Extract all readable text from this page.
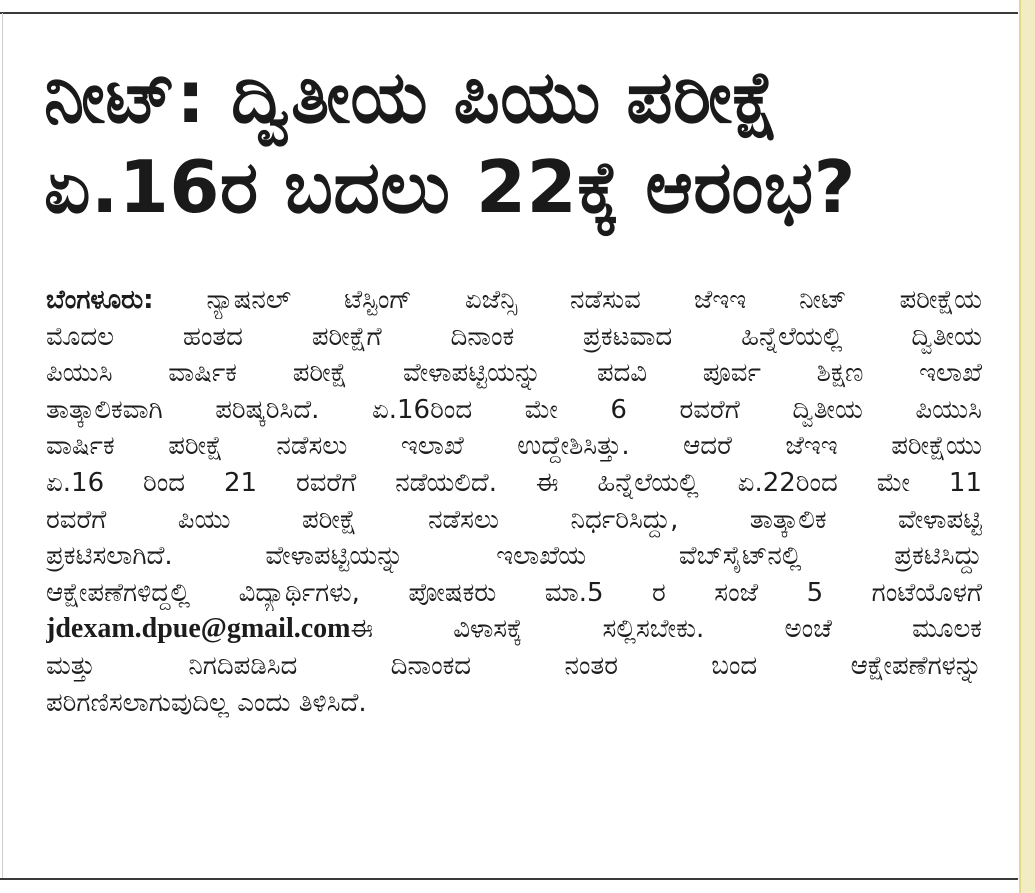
ನೀಟ್: ದ್ವಿತೀಯ ಪಿಯು ಪರೀಕ್ಷೆ
ಏ.16ರ ಬದಲು 22ಕ್ಕೆ ಆರಂಭ?
ಬೆಂಗಳೂರು: ನ್ಯಾಷನಲ್ ಟೆಸ್ಟಿಂಗ್ ಏಜೆನ್ಸಿ ನಡೆಸುವ ಜೆಇಇ ನೀಟ್ ಪರೀಕ್ಷೆಯ
ಮೊದಲ ಹಂತದ ಪರೀಕ್ಷೆಗೆ ದಿನಾಂಕ ಪ್ರಕಟವಾದ ಹಿನ್ನೆಲೆಯಲ್ಲಿ ದ್ವಿತೀಯ
ಪಿಯುಸಿ ವಾರ್ಷಿಕ ಪರೀಕ್ಷೆ ವೇಳಾಪಟ್ಟಿಯನ್ನು ಪದವಿ ಪೂರ್ವ ಶಿಕ್ಷಣ ಇಲಾಖೆ
ತಾತ್ಕಾಲಿಕವಾಗಿ ಪರಿಷ್ಕರಿಸಿದೆ. ಏ.16ರಿಂದ ಮೇ 6 ರವರೆಗೆ ದ್ವಿತೀಯ ಪಿಯುಸಿ
ವಾರ್ಷಿಕ ಪರೀಕ್ಷೆ ನಡೆಸಲು ಇಲಾಖೆ ಉದ್ದೇಶಿಸಿತ್ತು. ಆದರೆ ಜೆಇಇ ಪರೀಕ್ಷೆಯು
ಏ.16 ರಿಂದ 21 ರವರೆಗೆ ನಡೆಯಲಿದೆ. ಈ ಹಿನ್ನೆಲೆಯಲ್ಲಿ ಏ.22ರಿಂದ ಮೇ 11
ರವರೆಗೆ ಪಿಯು ಪರೀಕ್ಷೆ ನಡೆಸಲು ನಿರ್ಧರಿಸಿದ್ದು, ತಾತ್ಕಾಲಿಕ ವೇಳಾಪಟ್ಟಿ
ಪ್ರಕಟಿಸಲಾಗಿದೆ. ವೇಳಾಪಟ್ಟಿಯನ್ನು ಇಲಾಖೆಯ ವೆಬ್‌ಸೈಟ್‌ನಲ್ಲಿ ಪ್ರಕಟಿಸಿದ್ದು
ಆಕ್ಷೇಪಣೆಗಳಿದ್ದಲ್ಲಿ ವಿದ್ಯಾರ್ಥಿಗಳು, ಪೋಷಕರು ಮಾ.5 ರ ಸಂಜೆ 5 ಗಂಟೆಯೊಳಗೆ
jdexam.dpue@gmail.comಈ ವಿಳಾಸಕ್ಕೆ ಸಲ್ಲಿಸಬೇಕು. ಅಂಚೆ ಮೂಲಕ
ಮತ್ತು ನಿಗದಿಪಡಿಸಿದ ದಿನಾಂಕದ ನಂತರ ಬಂದ ಆಕ್ಷೇಪಣೆಗಳನ್ನು
ಪರಿಗಣಿಸಲಾಗುವುದಿಲ್ಲ ಎಂದು ತಿಳಿಸಿದೆ.
